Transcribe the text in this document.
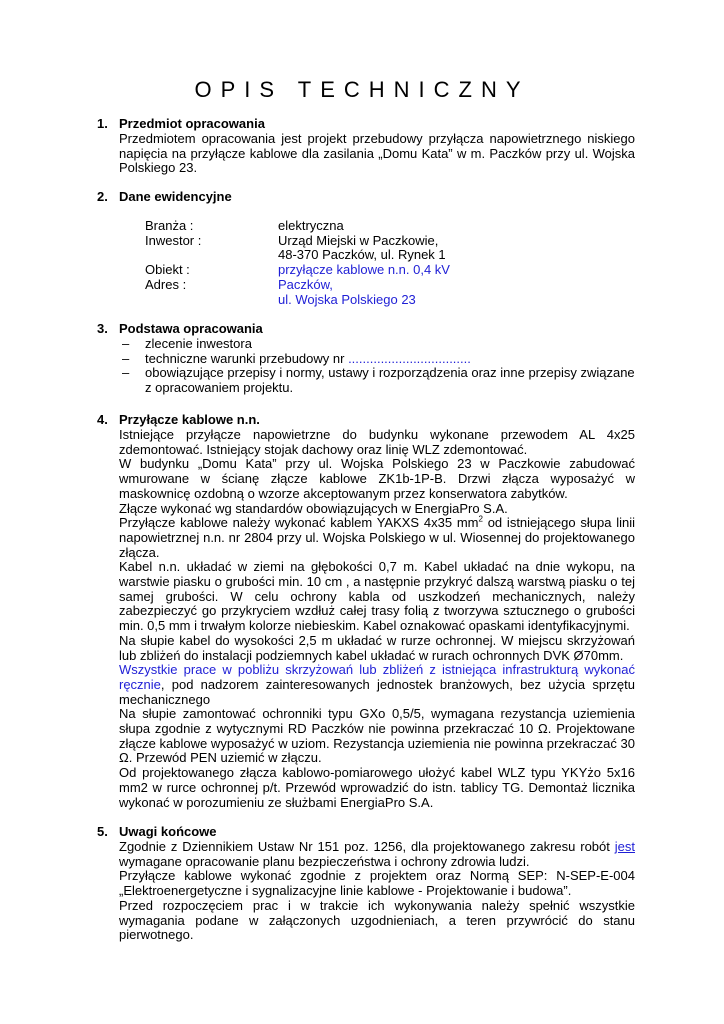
OPIS TECHNICZNY
1. Przedmiot opracowania

Przedmiotem opracowania jest projekt przebudowy przyłącza napowietrznego niskiego napięcia na przyłącze kablowe dla zasilania „Domu Kata” w m. Paczków przy ul. Wojska Polskiego 23.

2. Dane ewidencyjne
Branża :	elektryczna
Inwestor :	Urząd Miejski w Paczkowie,
	48-370 Paczków, ul. Rynek 1
Obiekt :	przyłącze kablowe n.n. 0,4 kV
Adres :	Paczków,
	ul. Wojska Polskiego 23
3. Podstawa opracowania
– zlecenie inwestora
– techniczne warunki przebudowy nr ..................................
– obowiązujące przepisy i normy, ustawy i rozporządzenia oraz inne przepisy związane z opracowaniem projektu.
4. Przyłącze kablowe n.n.

Istniejące przyłącze napowietrzne do budynku wykonane przewodem AL 4x25 zdemontować. Istniejący stojak dachowy oraz linię WLZ zdemontować.

W budynku „Domu Kata” przy ul. Wojska Polskiego 23 w Paczkowie zabudować wmurowane w ścianę złącze kablowe ZK1b-1P-B. Drzwi złącza wyposażyć w maskownicę ozdobną o wzorze akceptowanym przez konserwatora zabytków.

Złącze wykonać wg standardów obowiązujących w EnergiaPro S.A.

Przyłącze kablowe należy wykonać kablem YAKXS 4x35 $mm^2$ od istniejącego słupa linii napowietrznej n.n. nr 2804 przy ul. Wojska Polskiego w ul. Wiosennej do projektowanego złącza.

Kabel n.n. układać w ziemi na głębokości 0,7 m. Kabel układać na dnie wykopu, na warstwie piasku o grubości min. 10 cm , a następnie przykryć dalszą warstwą piasku o tej samej grubości. W celu ochrony kabla od uszkodzeń mechanicznych, należy zabezpieczyć go przykryciem wzdłuż całej trasy folią z tworzywa sztucznego o grubości min. 0,5 mm i trwałym kolorze niebieskim. Kabel oznakować opaskami identyfikacyjnymi.

Na słupie kabel do wysokości 2,5 m układać w rurze ochronnej. W miejscu skrzyżowań lub zbliżeń do instalacji podziemnych kabel układać w rurach ochronnych DVK Ø70mm.

Wszystkie prace w pobliżu skrzyżowań lub zbliżeń z istniejąca infrastrukturą wykonać ręcznie, pod nadzorem zainteresowanych jednostek branżowych, bez użycia sprzętu mechanicznego

Na słupie zamontować ochronniki typu GXo 0,5/5, wymagana rezystancja uziemienia słupa zgodnie z wytycznymi RD Paczków nie powinna przekraczać 10 Ω. Projektowane złącze kablowe wyposażyć w uziom. Rezystancja uziemienia nie powinna przekraczać 30 Ω. Przewód PEN uziemić w złączu.

Od projektowanego złącza kablowo-pomiarowego ułożyć kabel WLZ typu YKYżo 5x16 mm2 w rurce ochronnej p/t. Przewód wprowadzić do istn. tablicy TG. Demontaż licznika wykonać w porozumieniu ze służbami EnergiaPro S.A.

5. Uwagi końcowe

Zgodnie z Dziennikiem Ustaw Nr 151 poz. 1256, dla projektowanego zakresu robót jest wymagane opracowanie planu bezpieczeństwa i ochrony zdrowia ludzi.

Przyłącze kablowe wykonać zgodnie z projektem oraz Normą SEP: N-SEP-E-004 „Elektroenergetyczne i sygnalizacyjne linie kablowe - Projektowanie i budowa”.

Przed rozpoczęciem prac i w trakcie ich wykonywania należy spełnić wszystkie wymagania podane w załączonych uzgodnieniach, a teren przywrócić do stanu pierwotnego.
